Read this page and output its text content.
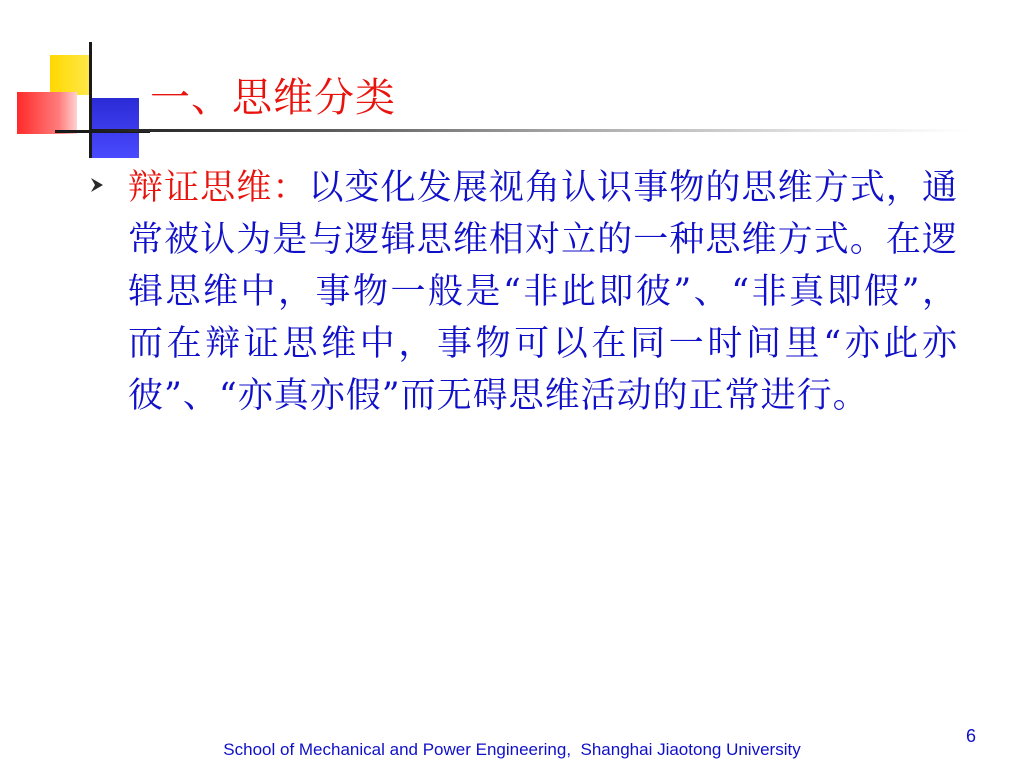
一、思维分类
辩证思维：以变化发展视角认识事物的思维方式，通常被认为是与逻辑思维相对立的一种思维方式。在逻辑思维中，事物一般是“非此即彼”、“非真即假”，而在辩证思维中，事物可以在同一时间里“亦此亦彼”、“亦真亦假”而无碍思维活动的正常进行。
6
School of Mechanical and Power Engineering,  Shanghai Jiaotong University
